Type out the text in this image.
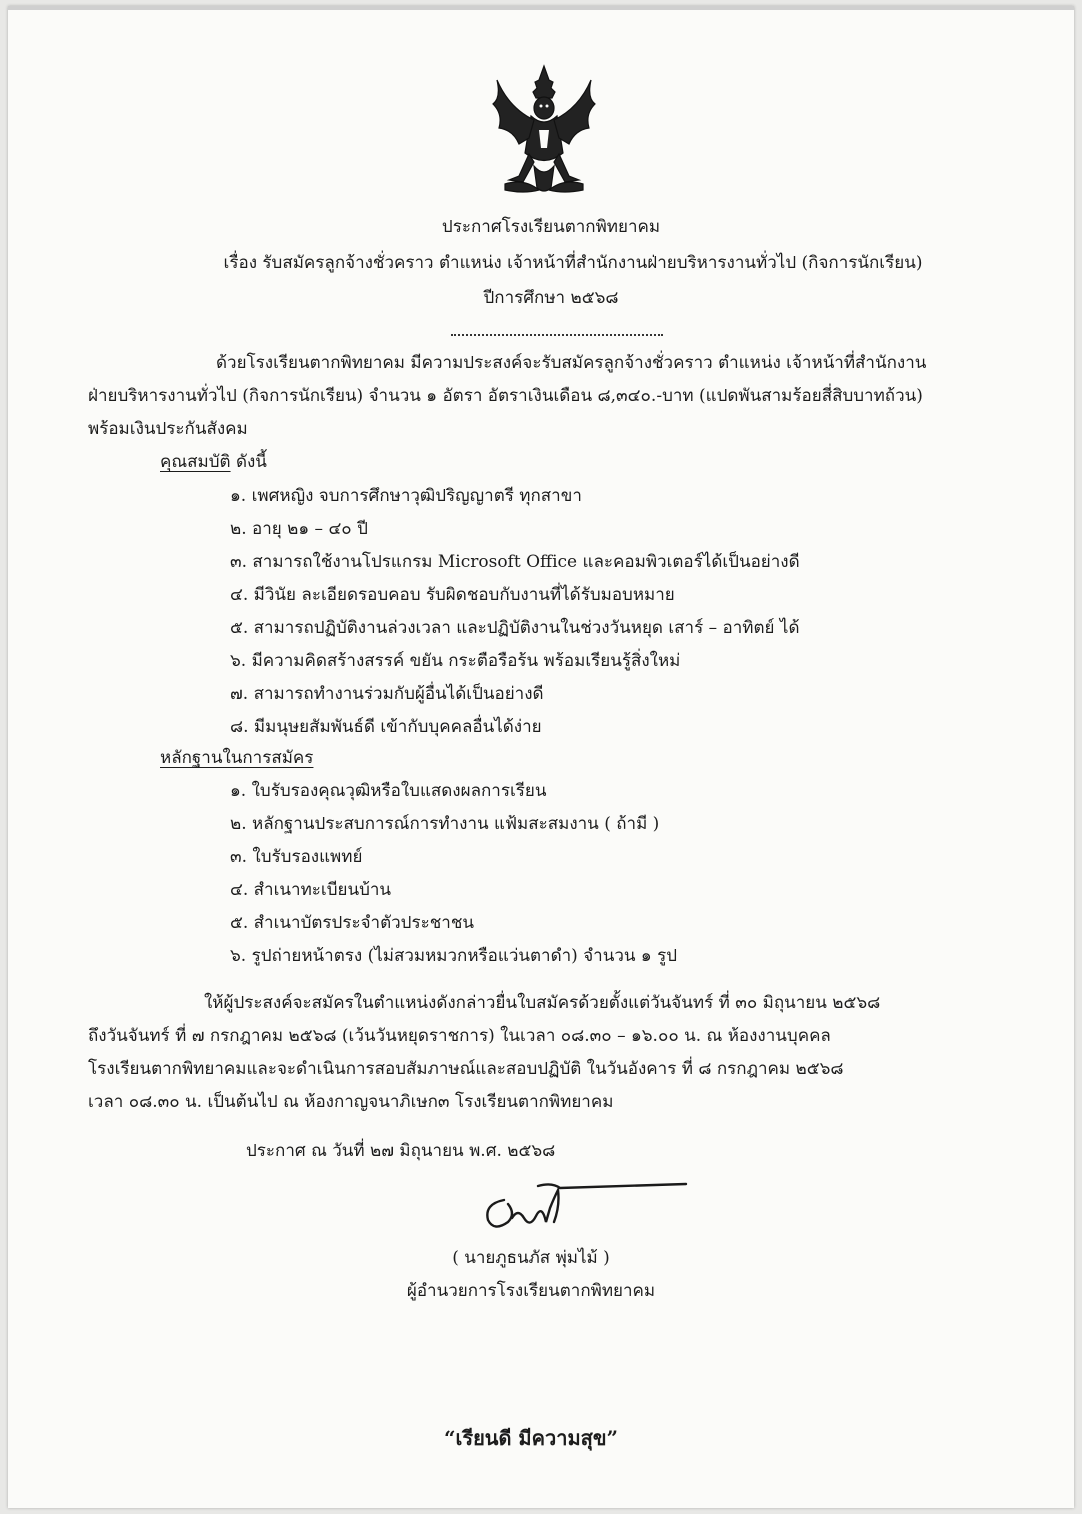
ประกาศโรงเรียนตากพิทยาคม
เรื่อง รับสมัครลูกจ้างชั่วคราว ตำแหน่ง เจ้าหน้าที่สำนักงานฝ่ายบริหารงานทั่วไป (กิจการนักเรียน)
ปีการศึกษา ๒๕๖๘
ด้วยโรงเรียนตากพิทยาคม มีความประสงค์จะรับสมัครลูกจ้างชั่วคราว ตำแหน่ง เจ้าหน้าที่สำนักงาน
ฝ่ายบริหารงานทั่วไป (กิจการนักเรียน) จำนวน ๑ อัตรา อัตราเงินเดือน ๘,๓๔๐.-บาท (แปดพันสามร้อยสี่สิบบาทถ้วน)
พร้อมเงินประกันสังคม
คุณสมบัติ ดังนี้
๑. เพศหญิง จบการศึกษาวุฒิปริญญาตรี ทุกสาขา
๒. อายุ ๒๑ – ๔๐ ปี
๓. สามารถใช้งานโปรแกรม Microsoft Office และคอมพิวเตอร์ได้เป็นอย่างดี
๔. มีวินัย ละเอียดรอบคอบ รับผิดชอบกับงานที่ได้รับมอบหมาย
๕. สามารถปฏิบัติงานล่วงเวลา และปฏิบัติงานในช่วงวันหยุด เสาร์ – อาทิตย์ ได้
๖. มีความคิดสร้างสรรค์ ขยัน กระตือรือร้น พร้อมเรียนรู้สิ่งใหม่
๗. สามารถทำงานร่วมกับผู้อื่นได้เป็นอย่างดี
๘. มีมนุษยสัมพันธ์ดี เข้ากับบุคคลอื่นได้ง่าย
หลักฐานในการสมัคร
๑. ใบรับรองคุณวุฒิหรือใบแสดงผลการเรียน
๒. หลักฐานประสบการณ์การทำงาน แฟ้มสะสมงาน ( ถ้ามี )
๓. ใบรับรองแพทย์
๔. สำเนาทะเบียนบ้าน
๕. สำเนาบัตรประจำตัวประชาชน
๖. รูปถ่ายหน้าตรง (ไม่สวมหมวกหรือแว่นตาดำ) จำนวน ๑ รูป
ให้ผู้ประสงค์จะสมัครในตำแหน่งดังกล่าวยื่นใบสมัครด้วยตั้งแต่วันจันทร์ ที่ ๓๐ มิถุนายน ๒๕๖๘
ถึงวันจันทร์ ที่ ๗ กรกฎาคม ๒๕๖๘ (เว้นวันหยุดราชการ) ในเวลา ๐๘.๓๐ – ๑๖.๐๐ น. ณ ห้องงานบุคคล
โรงเรียนตากพิทยาคมและจะดำเนินการสอบสัมภาษณ์และสอบปฏิบัติ ในวันอังคาร ที่ ๘ กรกฎาคม ๒๕๖๘
เวลา ๐๘.๓๐ น. เป็นต้นไป ณ ห้องกาญจนาภิเษก๓ โรงเรียนตากพิทยาคม
ประกาศ ณ วันที่ ๒๗ มิถุนายน พ.ศ. ๒๕๖๘
( นายภูธนภัส พุ่มไม้ )
ผู้อำนวยการโรงเรียนตากพิทยาคม
“เรียนดี มีความสุข”
